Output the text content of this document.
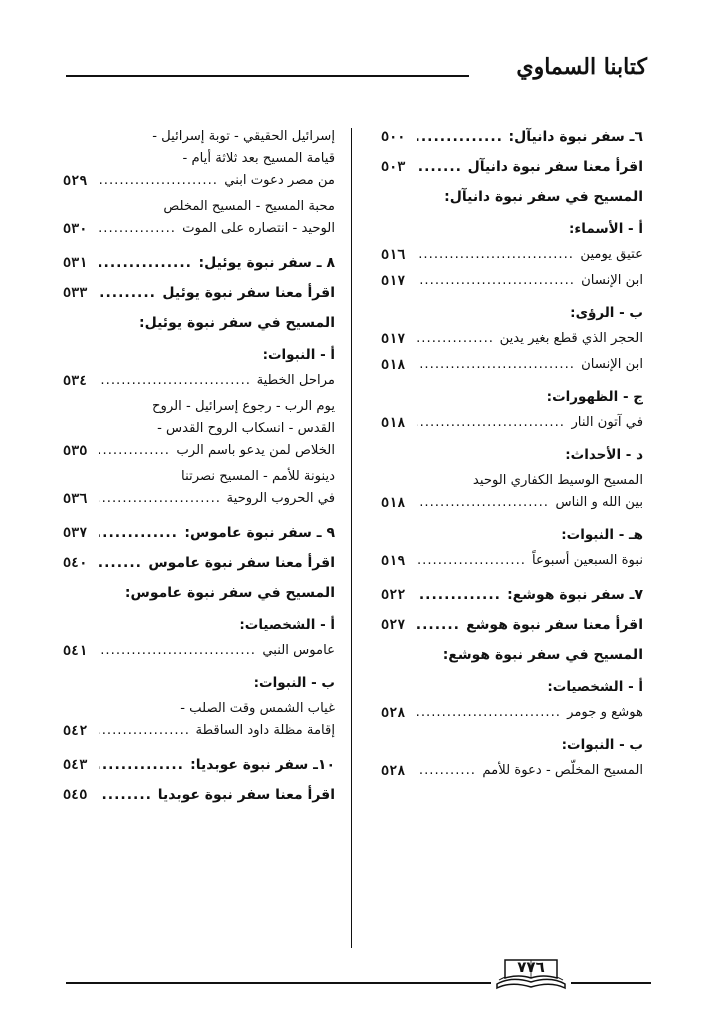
كتابنا السماوي
٦ـ سفر نبوة دانيآل:
.....
٥٠٠
اقرأ معنا سفر نبوة دانيآل
.....
٥٠٣
المسيح في سفر نبوة دانيآل:
أ - الأسماء:
عتيق يومين
.....
٥١٦
ابن الإنسان
.....
٥١٧
ب - الرؤى:
الحجر الذي قطع بغير يدين
.....
٥١٧
ابن الإنسان
.....
٥١٨
ج - الظهورات:
في آتون النار
.....
٥١٨
د - الأحداث:
المسيح الوسيط الكفاري الوحيد
بين الله و الناس
.....
٥١٨
هـ - النبوات:
نبوة السبعين أسبوعاً
.....
٥١٩
٧ـ سفر نبوة هوشع:
.....
٥٢٢
اقرأ معنا سفر نبوة هوشع
.....
٥٢٧
المسيح في سفر نبوة هوشع:
أ - الشخصيات:
هوشع و جومر
.....
٥٢٨
ب - النبوات:
المسيح المخلّص - دعوة للأمم
.....
٥٢٨
إسرائيل الحقيقي - توبة إسرائيل -
قيامة المسيح بعد ثلاثة أيام -
من مصر دعوت ابني
.....
٥٢٩
محبة المسيح - المسيح المخلص
الوحيد - انتصاره على الموت
.....
٥٣٠
٨ ـ سفر نبوة يوئيل:
.....
٥٣١
اقرأ معنا سفر نبوة يوئيل
.....
٥٣٣
المسيح في سفر نبوة يوئيل:
أ - النبوات:
مراحل الخطية
.....
٥٣٤
يوم الرب - رجوع إسرائيل - الروح
القدس - انسكاب الروح القدس -
الخلاص لمن يدعو باسم الرب
.....
٥٣٥
دينونة للأمم - المسيح نصرتنا
في الحروب الروحية
.....
٥٣٦
٩ ـ سفر نبوة عاموس:
.....
٥٣٧
اقرأ معنا سفر نبوة عاموس
.....
٥٤٠
المسيح في سفر نبوة عاموس:
أ - الشخصيات:
عاموس النبي
.....
٥٤١
ب - النبوات:
غياب الشمس وقت الصلب -
إقامة مظلة داود الساقطة
.....
٥٤٢
١٠ـ سفر نبوة عوبديا:
.....
٥٤٣
اقرأ معنا سفر نبوة عوبديا
.....
٥٤٥
٧٧٦
